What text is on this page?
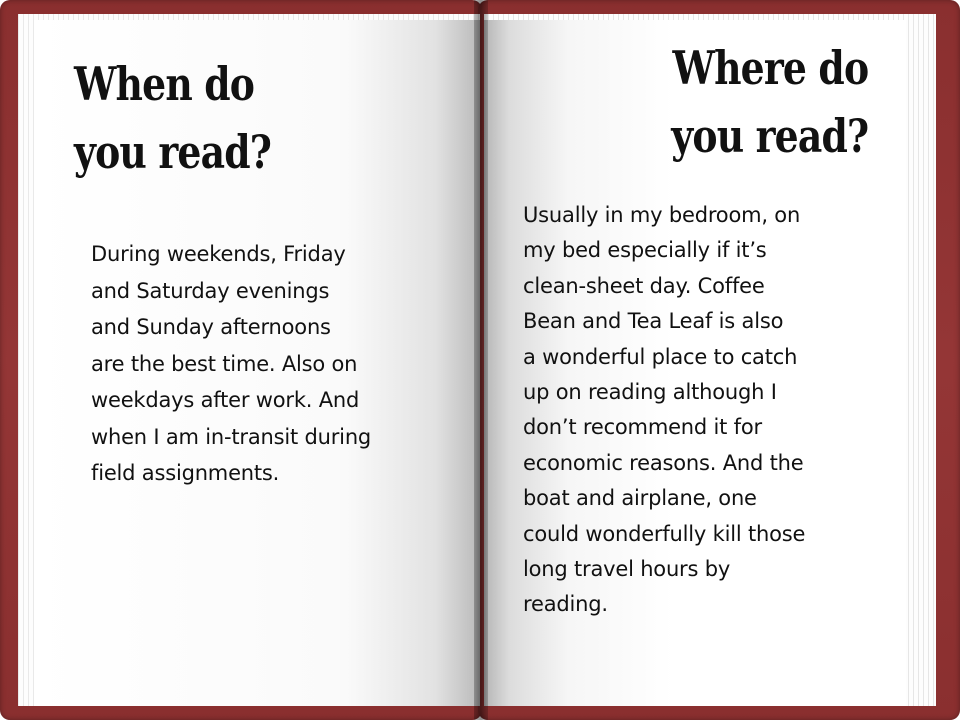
When do
you read?

During weekends, Friday
and Saturday evenings
and Sunday afternoons
are the best time. Also on
weekdays after work. And
when I am in-transit during
field assignments.

Where do
you read?

Usually in my bedroom, on
my bed especially if it’s
clean-sheet day. Coffee
Bean and Tea Leaf is also
a wonderful place to catch
up on reading although I
don’t recommend it for
economic reasons. And the
boat and airplane, one
could wonderfully kill those
long travel hours by
reading.
